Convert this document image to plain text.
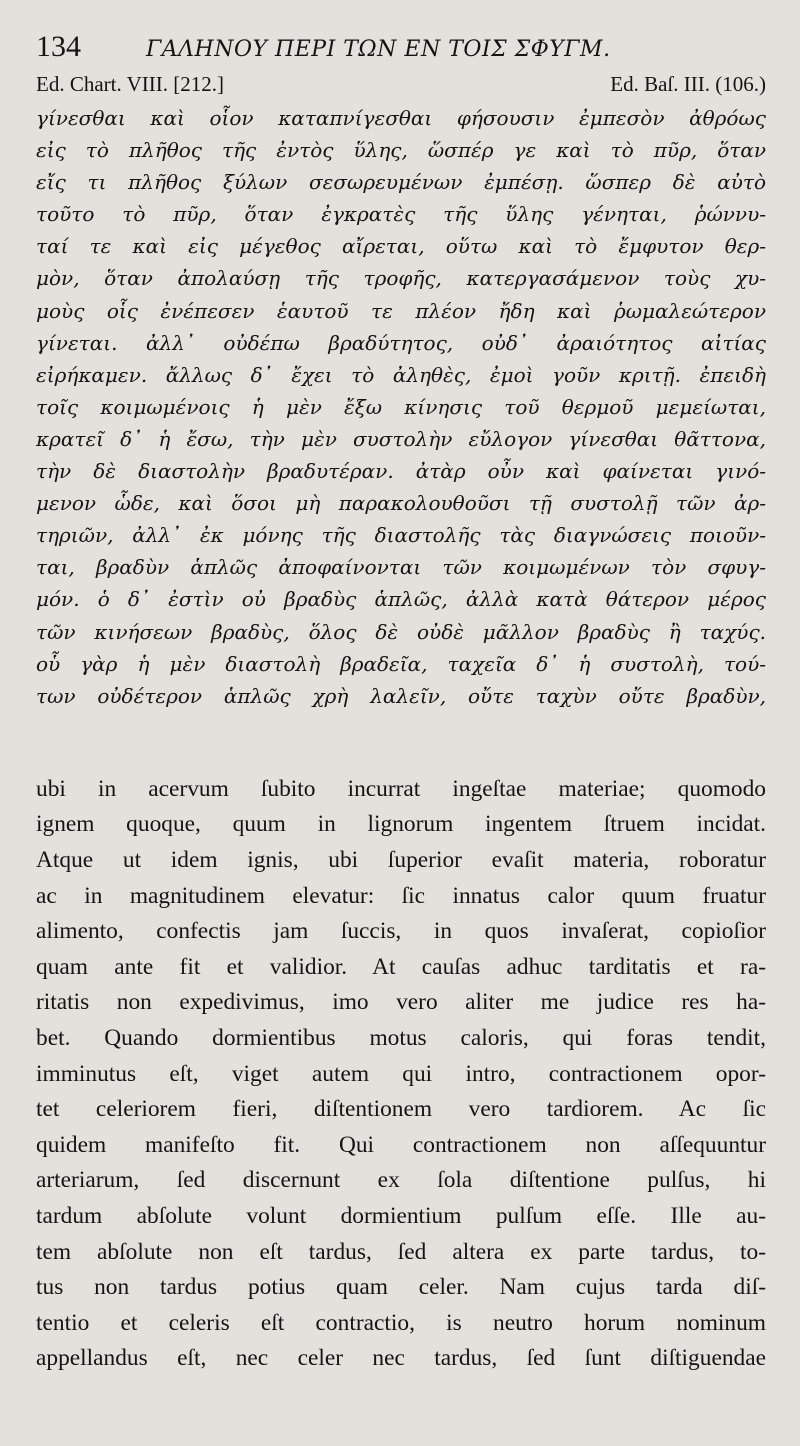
134	ΓΑΛΗΝΟΥ ΠΕΡΙ ΤΩΝ ΕΝ ΤΟΙΣ ΣΦΥΓΜ.
Ed. Chart. VIII. [212.]	Ed. Baſ. III. (106.)
γίνεσθαι καὶ οἷον καταπνίγεσθαι φήσουσιν ἐμπεσὸν ἀθρόως
εἰς τὸ πλῆθος τῆς ἐντὸς ὕλης, ὥσπέρ γε καὶ τὸ πῦρ, ὅταν
εἴς τι πλῆθος ξύλων σεσωρευμένων ἐμπέσῃ. ὥσπερ δὲ αὐτὸ
τοῦτο τὸ πῦρ, ὅταν ἐγκρατὲς τῆς ὕλης γένηται, ῥώννυ-
ταί τε καὶ εἰς μέγεθος αἴρεται, οὕτω καὶ τὸ ἔμφυτον θερ-
μὸν, ὅταν ἀπολαύσῃ τῆς τροφῆς, κατεργασάμενον τοὺς χυ-
μοὺς οἷς ἐνέπεσεν ἑαυτοῦ τε πλέον ἤδη καὶ ῥωμαλεώτερον
γίνεται. ἀλλ᾽ οὐδέπω βραδύτητος, οὐδ᾽ ἀραιότητος αἰτίας
εἰρήκαμεν. ἄλλως δ᾽ ἔχει τὸ ἀληθὲς, ἐμοὶ γοῦν κριτῇ. ἐπειδὴ
τοῖς κοιμωμένοις ἡ μὲν ἔξω κίνησις τοῦ θερμοῦ μεμείωται,
κρατεῖ δ᾽ ἡ ἔσω, τὴν μὲν συστολὴν εὔλογον γίνεσθαι θᾶττονα,
τὴν δὲ διαστολὴν βραδυτέραν. ἀτὰρ οὖν καὶ φαίνεται γινό-
μενον ὧδε, καὶ ὅσοι μὴ παρακολουθοῦσι τῇ συστολῇ τῶν ἀρ-
τηριῶν, ἀλλ᾽ ἐκ μόνης τῆς διαστολῆς τὰς διαγνώσεις ποιοῦν-
ται, βραδὺν ἁπλῶς ἀποφαίνονται τῶν κοιμωμένων τὸν σφυγ-
μόν. ὁ δ᾽ ἐστὶν οὐ βραδὺς ἁπλῶς, ἀλλὰ κατὰ θάτερον μέρος
τῶν κινήσεων βραδὺς, ὅλος δὲ οὐδὲ μᾶλλον βραδὺς ἢ ταχύς.
οὗ γὰρ ἡ μὲν διαστολὴ βραδεῖα, ταχεῖα δ᾽ ἡ συστολὴ, τού-
των οὐδέτερον ἁπλῶς χρὴ λαλεῖν, οὔτε ταχὺν οὔτε βραδὺν,
ubi in acervum ſubito incurrat ingeſtae materiae; quomodo
ignem quoque, quum in lignorum ingentem ſtruem incidat.
Atque ut idem ignis, ubi ſuperior evaſit materia, roboratur
ac in magnitudinem elevatur: ſic innatus calor quum fruatur
alimento, confectis jam ſuccis, in quos invaſerat, copioſior
quam ante fit et validior. At cauſas adhuc tarditatis et ra-
ritatis non expedivimus, imo vero aliter me judice res ha-
bet. Quando dormientibus motus caloris, qui foras tendit,
imminutus eſt, viget autem qui intro, contractionem opor-
tet celeriorem fieri, diſtentionem vero tardiorem. Ac ſic
quidem manifeſto fit. Qui contractionem non aſſequuntur
arteriarum, ſed discernunt ex ſola diſtentione pulſus, hi
tardum abſolute volunt dormientium pulſum eſſe. Ille au-
tem abſolute non eſt tardus, ſed altera ex parte tardus, to-
tus non tardus potius quam celer. Nam cujus tarda diſ-
tentio et celeris eſt contractio, is neutro horum nominum
appellandus eſt, nec celer nec tardus, ſed ſunt diſtiguendae
